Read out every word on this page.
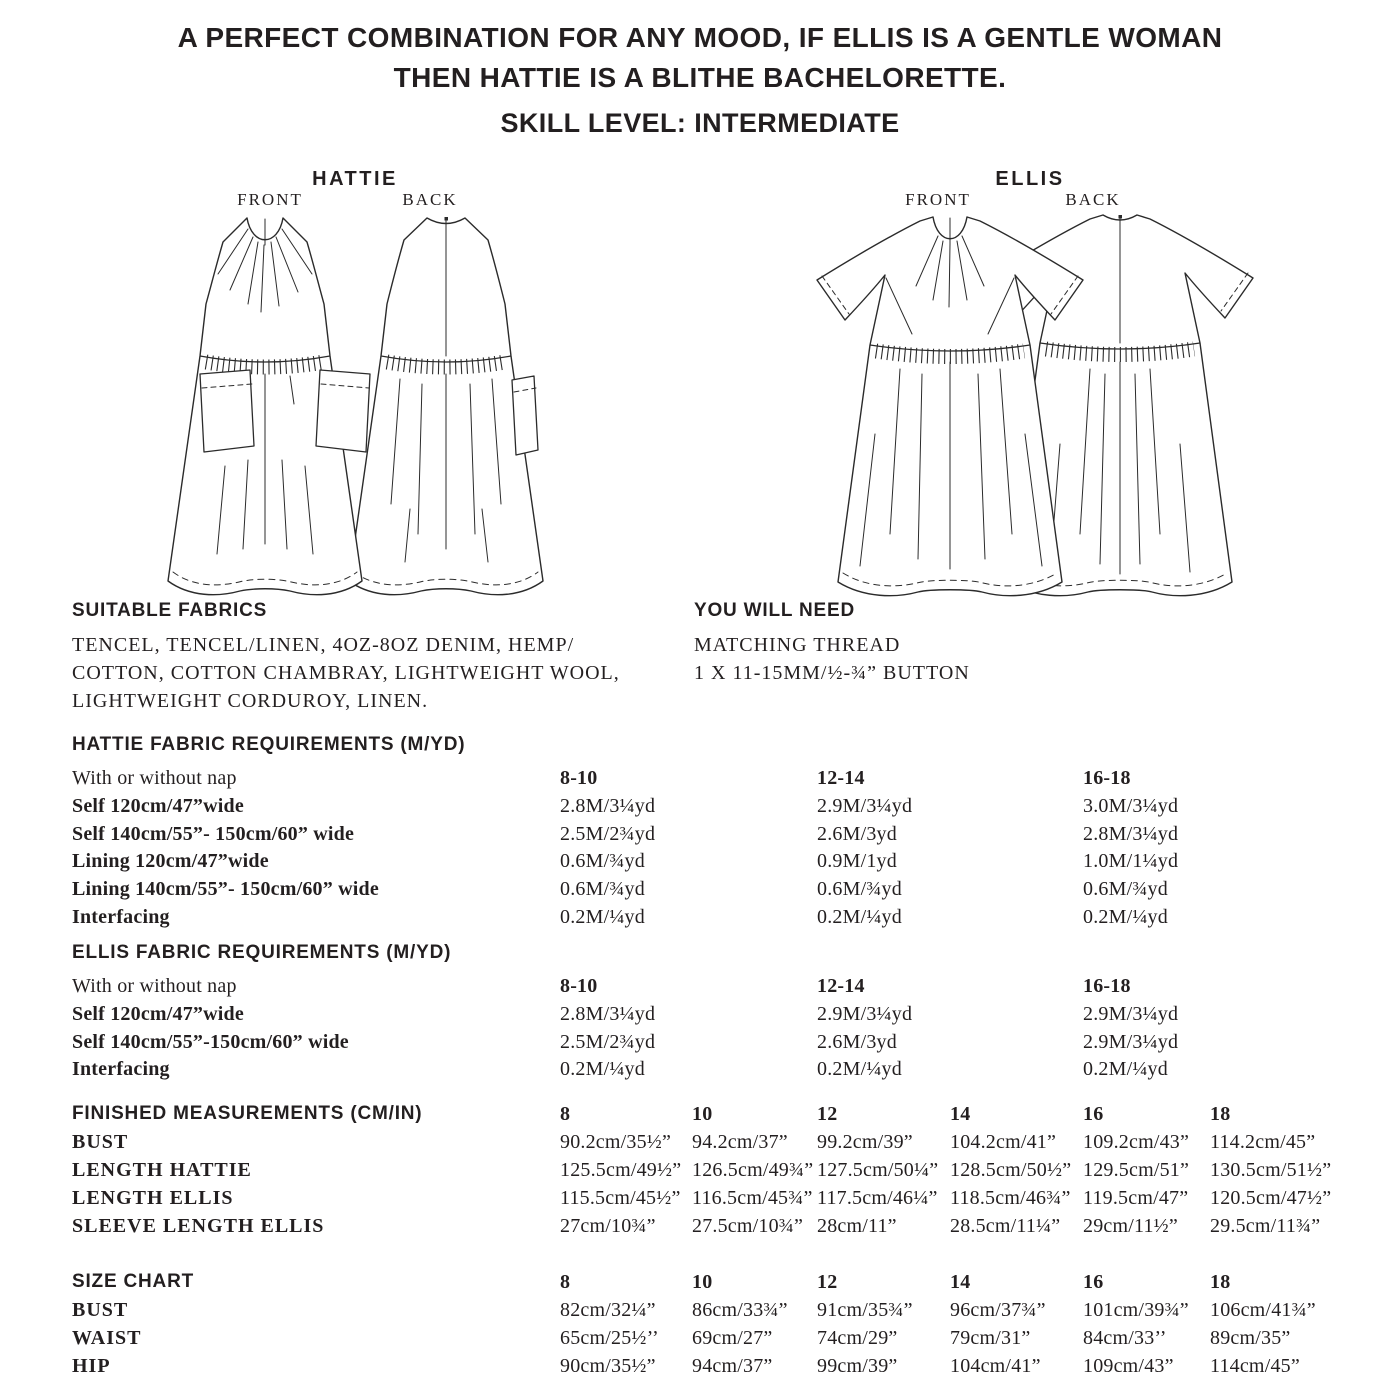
A PERFECT COMBINATION FOR ANY MOOD, IF ELLIS IS A GENTLE WOMAN
THEN HATTIE IS A BLITHE BACHELORETTE.
SKILL LEVEL: INTERMEDIATE
HATTIE
FRONT	BACK
ELLIS
FRONT	BACK
SUITABLE FABRICS
TENCEL, TENCEL/LINEN, 4OZ-8OZ DENIM, HEMP/
COTTON, COTTON CHAMBRAY, LIGHTWEIGHT WOOL,
LIGHTWEIGHT CORDUROY, LINEN.
YOU WILL NEED
MATCHING THREAD
1 X 11-15MM/½-¾” BUTTON
HATTIE FABRIC REQUIREMENTS (M/YD)
With or without nap	8-10	12-14	16-18
Self 120cm/47”wide	2.8M/3¼yd	2.9M/3¼yd	3.0M/3¼yd
Self 140cm/55”- 150cm/60” wide	2.5M/2¾yd	2.6M/3yd	2.8M/3¼yd
Lining 120cm/47”wide	0.6M/¾yd	0.9M/1yd	1.0M/1¼yd
Lining 140cm/55”- 150cm/60” wide	0.6M/¾yd	0.6M/¾yd	0.6M/¾yd
Interfacing	0.2M/¼yd	0.2M/¼yd	0.2M/¼yd
ELLIS FABRIC REQUIREMENTS (M/YD)
With or without nap	8-10	12-14	16-18
Self 120cm/47”wide	2.8M/3¼yd	2.9M/3¼yd	2.9M/3¼yd
Self 140cm/55”-150cm/60” wide	2.5M/2¾yd	2.6M/3yd	2.9M/3¼yd
Interfacing	0.2M/¼yd	0.2M/¼yd	0.2M/¼yd
FINISHED MEASUREMENTS (CM/IN)	8	10	12	14	16	18
BUST	90.2cm/35½”	94.2cm/37”	99.2cm/39”	104.2cm/41”	109.2cm/43”	114.2cm/45”
LENGTH HATTIE	125.5cm/49½” 126.5cm/49¾” 127.5cm/50¼” 128.5cm/50½” 129.5cm/51”	130.5cm/51½”
LENGTH ELLIS	115.5cm/45½” 116.5cm/45¾” 117.5cm/46¼” 118.5cm/46¾” 119.5cm/47”	120.5cm/47½”
SLEEVE LENGTH ELLIS	27cm/10¾”	27.5cm/10¾” 28cm/11”	28.5cm/11¼”	29cm/11½”	29.5cm/11¾”
SIZE CHART	8	10	12	14	16	18
BUST	82cm/32¼”	86cm/33¾”	91cm/35¾”	96cm/37¾”	101cm/39¾”	106cm/41¾”
WAIST	65cm/25½’’	69cm/27”	74cm/29”	79cm/31”	84cm/33’’	89cm/35”
HIP	90cm/35½”	94cm/37”	99cm/39”	104cm/41”	109cm/43”	114cm/45”
